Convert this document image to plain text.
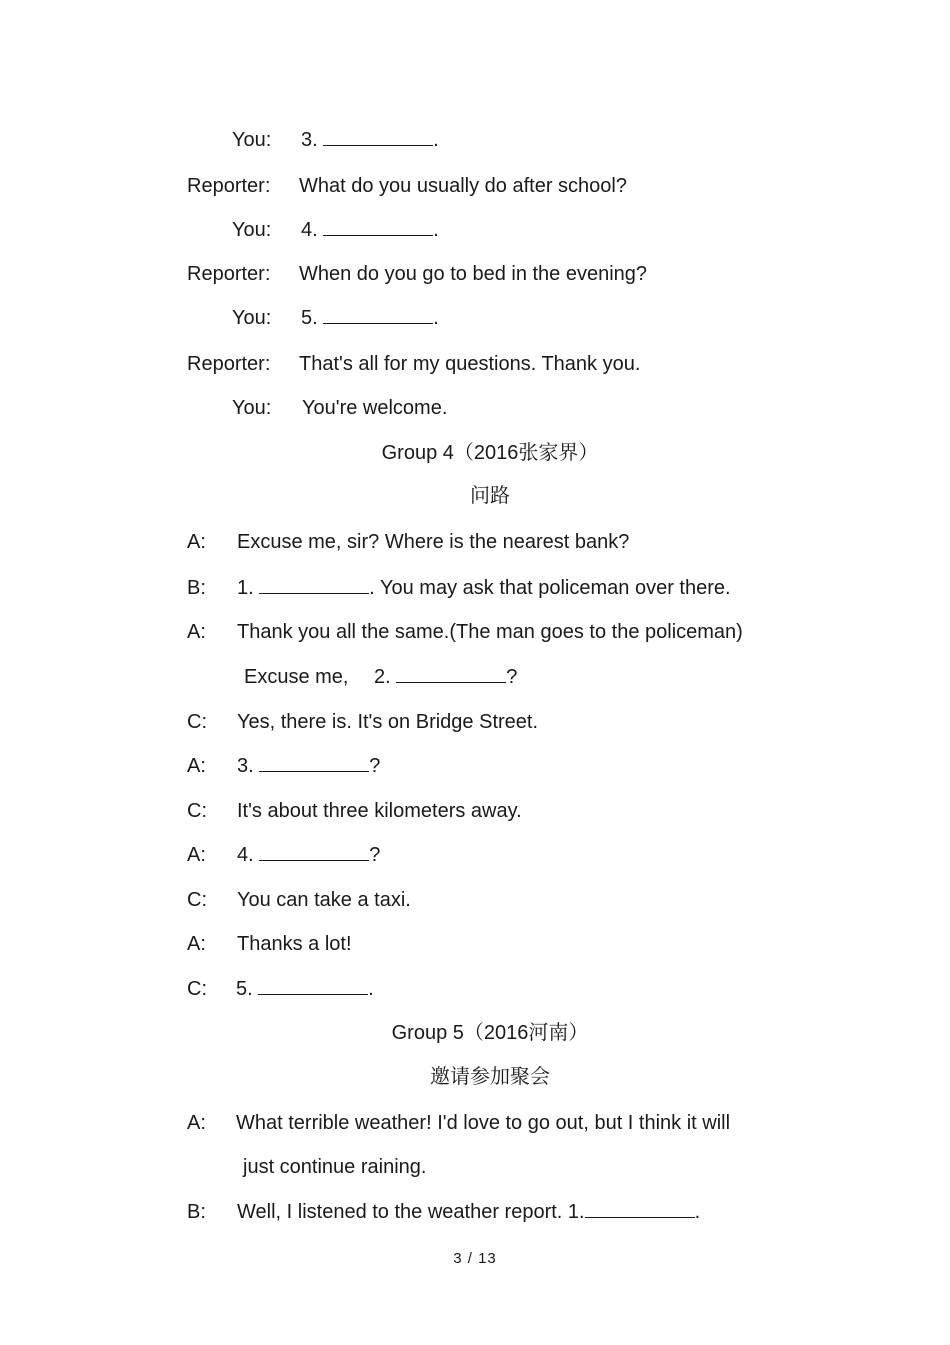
You: 3.	.
Reporter: What do you usually do after school?
You: 4.	.
Reporter: When do you go to bed in the evening?
You: 5.	.
Reporter: That's all for my questions. Thank you.
You: You're welcome.
Group 4（2016张家界）
问路
A: Excuse me, sir? Where is the nearest bank?
B: 1.	. You may ask that policeman over there.
A: Thank you all the same.(The man goes to the policeman)
Excuse me, 2.	?
C: Yes, there is. It's on Bridge Street.
A: 3.	?
C: It's about three kilometers away.
A: 4.	?
C: You can take a taxi.
A: Thanks a lot!
C: 5.	.
Group 5（2016河南）
邀请参加聚会
A: What terrible weather! I'd love to go out, but I think it will
just continue raining.
B: Well, I listened to the weather report. 1.	.
3 / 13
